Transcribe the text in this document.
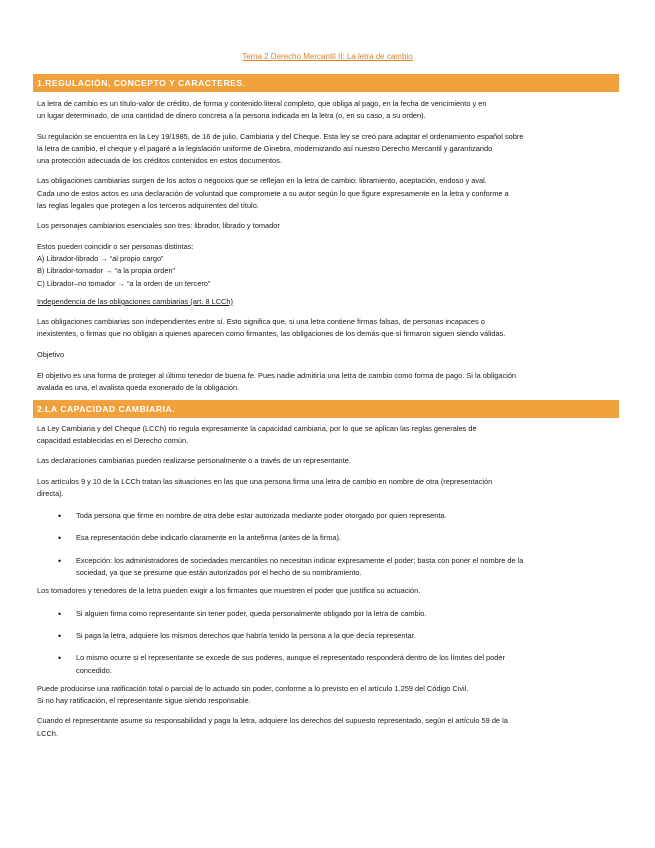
Tema 2 Derecho Mercantil II: La letra de cambio

1.REGULACIÓN, CONCEPTO Y CARACTERES.

La letra de cambio es un título-valor de crédito, de forma y contenido literal completo, que obliga al pago, en la fecha de vencimiento y en
un lugar determinado, de una cantidad de dinero concreta a la persona indicada en la letra (o, en su caso, a su orden).

Su regulación se encuentra en la Ley 19/1985, de 16 de julio, Cambiaria y del Cheque. Esta ley se creó para adaptar el ordenamiento español sobre
la letra de cambio, el cheque y el pagaré a la legislación uniforme de Ginebra, modernizando así nuestro Derecho Mercantil y garantizando
una protección adecuada de los créditos contenidos en estos documentos.

Las obligaciones cambiarias surgen de los actos o negocios que se reflejan en la letra de cambio: libramiento, aceptación, endoso y aval.
Cada uno de estos actos es una declaración de voluntad que compromete a su autor según lo que figure expresamente en la letra y conforme a
las reglas legales que protegen a los terceros adquirentes del título.

Los personajes cambiarios esenciales son tres: librador, librado y tomador

Estos pueden coincidir o ser personas distintas:
A) Librador-librado → “al propio cargo”
B) Librador-tomador → “a la propia orden”
C) Librador–no tomador → “a la orden de un tercero”

Independencia de las obligaciones cambiarias (art. 8 LCCh)

Las obligaciones cambiarias son independientes entre sí. Esto significa que, si una letra contiene firmas falsas, de personas incapaces o
inexistentes, o firmas que no obligan a quienes aparecen como firmantes, las obligaciones de los demás que sí firmaron siguen siendo válidas.

Objetivo

El objetivo es una forma de proteger al último tenedor de buena fe. Pues nadie admitiría una letra de cambio como forma de pago. Si la obligación
avalada es una, el avalista queda exonerado de la obligación.

2.LA CAPACIDAD CAMBIARIA.

La Ley Cambiaria y del Cheque (LCCh) no regula expresamente la capacidad cambiaria, por lo que se aplican las reglas generales de
capacidad establecidas en el Derecho común.

Las declaraciones cambiarias pueden realizarse personalmente o a través de un representante.

Los artículos 9 y 10 de la LCCh tratan las situaciones en las que una persona firma una letra de cambio en nombre de otra (representación
directa).

• Toda persona que firme en nombre de otra debe estar autorizada mediante poder otorgado por quien representa.
• Esa representación debe indicarlo claramente en la antefirma (antes de la firma).
• Excepción: los administradores de sociedades mercantiles no necesitan indicar expresamente el poder; basta con poner el nombre de la
sociedad, ya que se presume que están autorizados por el hecho de su nombramiento.

Los tomadores y tenedores de la letra pueden exigir a los firmantes que muestren el poder que justifica su actuación.

• Si alguien firma como representante sin tener poder, queda personalmente obligado por la letra de cambio.
• Si paga la letra, adquiere los mismos derechos que habría tenido la persona a la que decía representar.
• Lo mismo ocurre si el representante se excede de sus poderes, aunque el representado responderá dentro de los límites del poder
concedido.

Puede producirse una ratificación total o parcial de lo actuado sin poder, conforme a lo previsto en el artículo 1.259 del Código Civil.
Si no hay ratificación, el representante sigue siendo responsable.

Cuando el representante asume su responsabilidad y paga la letra, adquiere los derechos del supuesto representado, según el artículo 59 de la
LCCh.
